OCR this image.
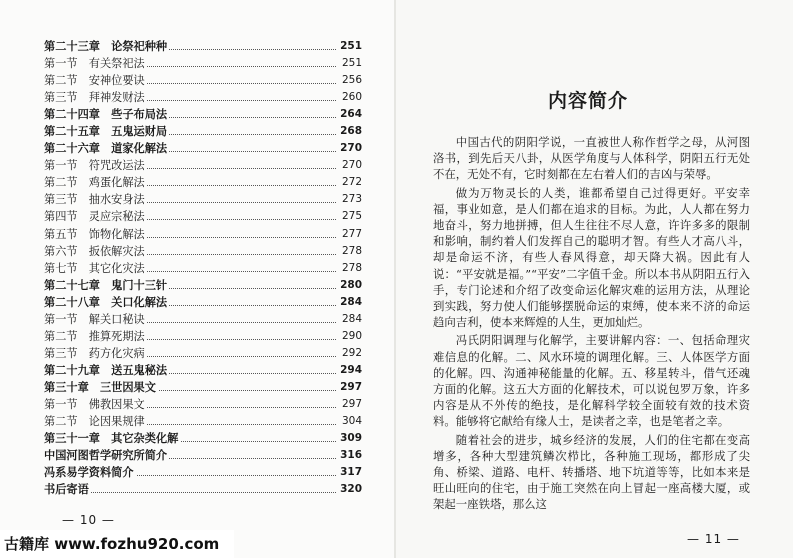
第二十三章　论祭祀种种	251
第一节　有关祭祀法	251
第二节　安神位要诀	256
第三节　拜神发财法	260
第二十四章　些子布局法	264
第二十五章　五鬼运财局	268
第二十六章　道家化解法	270
第一节　符咒改运法	270
第二节　鸡蛋化解法	272
第三节　抽水安身法	273
第四节　灵应宗秘法	275
第五节　饰物化解法	277
第六节　扳依解灾法	278
第七节　其它化灾法	278
第二十七章　鬼门十三针	280
第二十八章　关口化解法	284
第一节　解关口秘诀	284
第二节　推算死期法	290
第三节　药方化灾病	292
第二十九章　送五鬼秘法	294
第三十章　三世因果文	297
第一节　佛教因果文	297
第二节　论因果规律	304
第三十一章　其它杂类化解	309
中国河图哲学研究所简介	316
冯系易学资料简介	317
书后寄语	320
— 10 —
内容简介

中国古代的阴阳学说，一直被世人称作哲学之母，从河图洛书，到先后天八卦，从医学角度与人体科学，阴阳五行无处不在，无处不有，它时刻都在左右着人们的吉凶与荣辱。

做为万物灵长的人类，谁都希望自己过得更好。平安幸福，事业如意，是人们都在追求的目标。为此，人人都在努力地奋斗，努力地拼搏，但人生往往不尽人意，许许多多的限制和影响，制约着人们发挥自己的聪明才智。有些人才高八斗，却是命运不济，有些人春风得意，却天降大祸。因此有人说：“平安就是福。”“平安”二字值千金。所以本书从阴阳五行入手，专门论述和介绍了改变命运化解灾难的运用方法，从理论到实践，努力使人们能够摆脱命运的束缚，使本来不济的命运趋向吉利，使本来辉煌的人生，更加灿烂。

冯氏阴阳调理与化解学，主要讲解内容：一、包括命理灾难信息的化解。二、风水环境的调理化解。三、人体医学方面的化解。四、沟通神秘能量的化解。五、移星转斗，借气还魂方面的化解。这五大方面的化解技术，可以说包罗万象，许多内容是从不外传的绝技，是化解科学较全面较有效的技术资料。能够将它献给有缘人士，是读者之幸，也是笔者之幸。

随着社会的进步，城乡经济的发展，人们的住宅都在变高增多，各种大型建筑鳞次栉比，各种施工现场，都形成了尖角、桥梁、道路、电杆、转播塔、地下坑道等等，比如本来是旺山旺向的住宅，由于施工突然在向上冒起一座高楼大厦，或架起一座铁塔，那么这

— 11 —
古籍库 www.fozhu920.com
